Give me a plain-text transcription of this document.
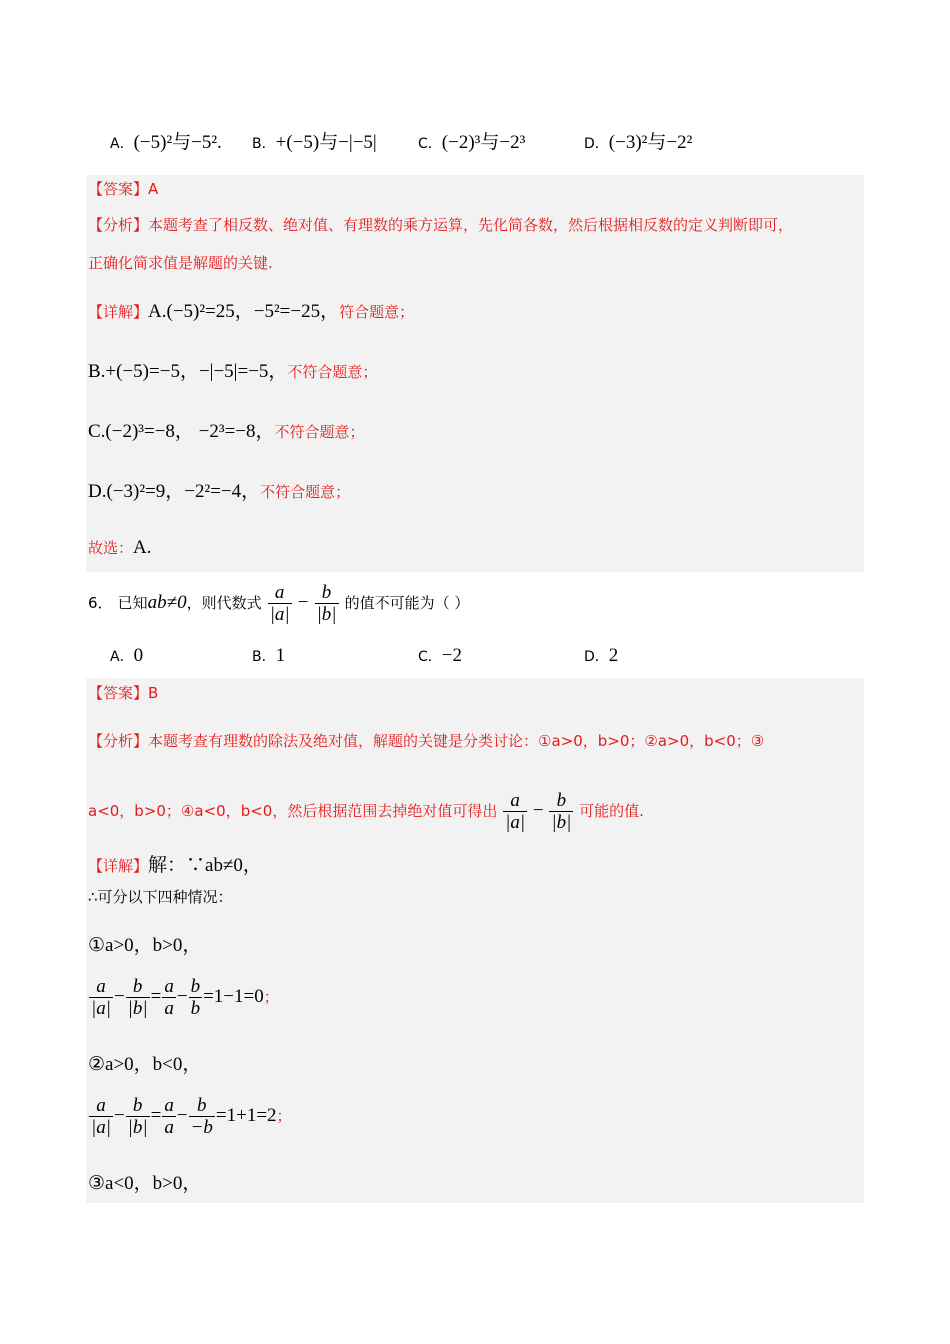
A．(−5)²与−5². B．+(−5)与−|−5|	C．(−2)³与−2³	D．(−3)²与−2²
【答案】A
【分析】本题考查了相反数、绝对值、有理数的乘方运算，先化简各数，然后根据相反数的定义判断即可，
正确化简求值是解题的关键.
【详解】A.(−5)²=25，−5²=−25，符合题意；
B.+(−5)=−5，−|−5|=−5，不符合题意；
C.(−2)³=−8， −2³=−8，不符合题意；
D.(−3)²=9，−2²=−4，不符合题意；
故选：A.
6． 已知ab≠0，则代数式 $\frac{a}{|a|} - \frac{b}{|b|}$ 的值不可能为（ ）
A．0	B．1	C．−2	D．2
【答案】B
【分析】本题考查有理数的除法及绝对值，解题的关键是分类讨论：①a>0，b>0；②a>0，b<0；③
a<0，b>0；④a<0，b<0，然后根据范围去掉绝对值可得出 $\frac{a}{|a|} - \frac{b}{|b|}$ 可能的值.
【详解】解：∵ab≠0，
∴可分以下四种情况：
①a>0，b>0，
$\frac{a}{|a|} - \frac{b}{|b|} = \frac{a}{a} - \frac{b}{b} =1-1=0$；
②a>0，b<0，
$\frac{a}{|a|} - \frac{b}{|b|} = \frac{a}{a} - \frac{b}{-b} =1+1=2$；
③a<0，b>0，
